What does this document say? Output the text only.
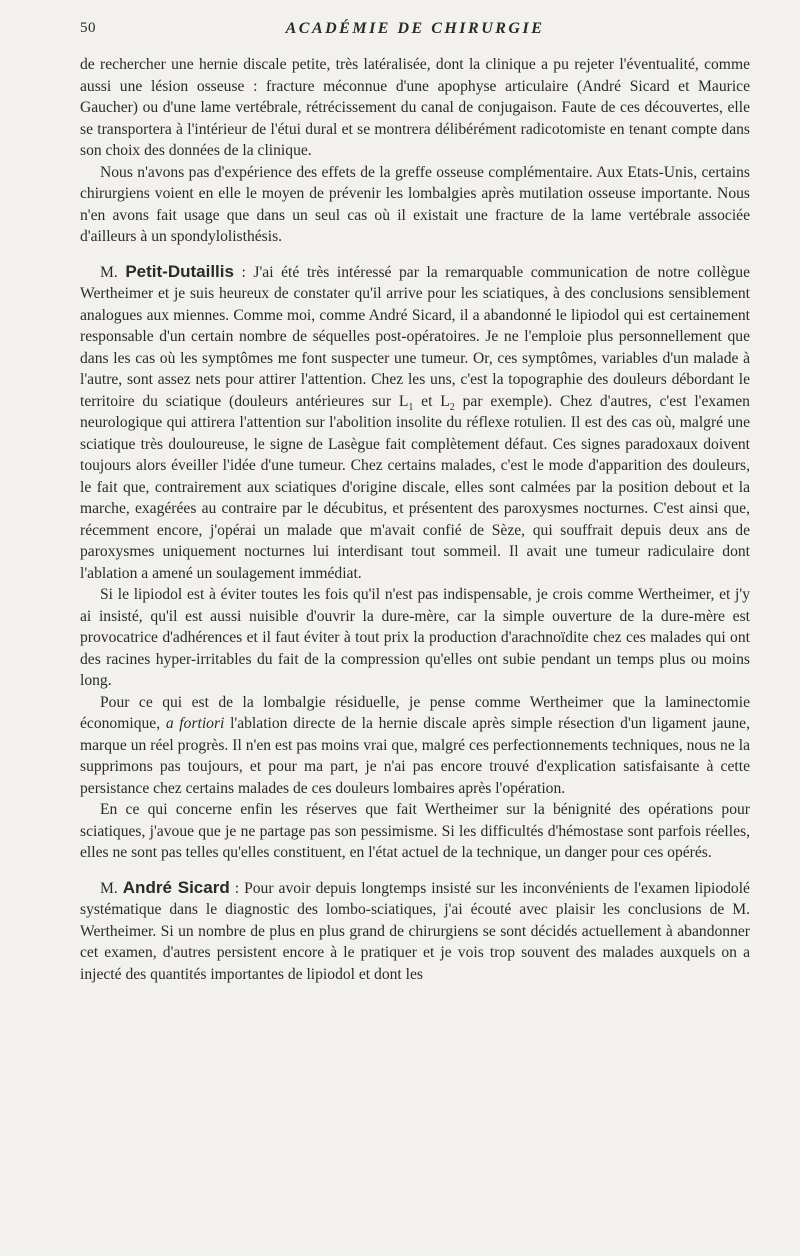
50	ACADÉMIE DE CHIRURGIE

de rechercher une hernie discale petite, très latéralisée, dont la clinique a pu rejeter l'éventualité, comme aussi une lésion osseuse : fracture méconnue d'une apophyse articulaire (André Sicard et Maurice Gaucher) ou d'une lame vertébrale, rétrécissement du canal de conjugaison. Faute de ces découvertes, elle se transportera à l'intérieur de l'étui dural et se montrera délibérément radicotomiste en tenant compte dans son choix des données de la clinique.

Nous n'avons pas d'expérience des effets de la greffe osseuse complémentaire. Aux Etats-Unis, certains chirurgiens voient en elle le moyen de prévenir les lombalgies après mutilation osseuse importante. Nous n'en avons fait usage que dans un seul cas où il existait une fracture de la lame vertébrale associée d'ailleurs à un spondylolisthésis.

M. Petit-Dutaillis : J'ai été très intéressé par la remarquable communication de notre collègue Wertheimer et je suis heureux de constater qu'il arrive pour les sciatiques, à des conclusions sensiblement analogues aux miennes. Comme moi, comme André Sicard, il a abandonné le lipiodol qui est certainement responsable d'un certain nombre de séquelles post-opératoires. Je ne l'emploie plus personnellement que dans les cas où les symptômes me font suspecter une tumeur. Or, ces symptômes, variables d'un malade à l'autre, sont assez nets pour attirer l'attention. Chez les uns, c'est la topographie des douleurs débordant le territoire du sciatique (douleurs antérieures sur $L_1$ et $L_2$ par exemple). Chez d'autres, c'est l'examen neurologique qui attirera l'attention sur l'abolition insolite du réflexe rotulien. Il est des cas où, malgré une sciatique très douloureuse, le signe de Lasègue fait complètement défaut. Ces signes paradoxaux doivent toujours alors éveiller l'idée d'une tumeur. Chez certains malades, c'est le mode d'apparition des douleurs, le fait que, contrairement aux sciatiques d'origine discale, elles sont calmées par la position debout et la marche, exagérées au contraire par le décubitus, et présentent des paroxysmes nocturnes. C'est ainsi que, récemment encore, j'opérai un malade que m'avait confié de Sèze, qui souffrait depuis deux ans de paroxysmes uniquement nocturnes lui interdisant tout sommeil. Il avait une tumeur radiculaire dont l'ablation a amené un soulagement immédiat.

Si le lipiodol est à éviter toutes les fois qu'il n'est pas indispensable, je crois comme Wertheimer, et j'y ai insisté, qu'il est aussi nuisible d'ouvrir la dure-mère, car la simple ouverture de la dure-mère est provocatrice d'adhérences et il faut éviter à tout prix la production d'arachnoïdite chez ces malades qui ont des racines hyper-irritables du fait de la compression qu'elles ont subie pendant un temps plus ou moins long.

Pour ce qui est de la lombalgie résiduelle, je pense comme Wertheimer que la laminectomie économique, a fortiori l'ablation directe de la hernie discale après simple résection d'un ligament jaune, marque un réel progrès. Il n'en est pas moins vrai que, malgré ces perfectionnements techniques, nous ne la supprimons pas toujours, et pour ma part, je n'ai pas encore trouvé d'explication satisfaisante à cette persistance chez certains malades de ces douleurs lombaires après l'opération.

En ce qui concerne enfin les réserves que fait Wertheimer sur la bénignité des opérations pour sciatiques, j'avoue que je ne partage pas son pessimisme. Si les difficultés d'hémostase sont parfois réelles, elles ne sont pas telles qu'elles constituent, en l'état actuel de la technique, un danger pour ces opérés.

M. André Sicard : Pour avoir depuis longtemps insisté sur les inconvénients de l'examen lipiodolé systématique dans le diagnostic des lombo-sciatiques, j'ai écouté avec plaisir les conclusions de M. Wertheimer. Si un nombre de plus en plus grand de chirurgiens se sont décidés actuellement à abandonner cet examen, d'autres persistent encore à le pratiquer et je vois trop souvent des malades auxquels on a injecté des quantités importantes de lipiodol et dont les
